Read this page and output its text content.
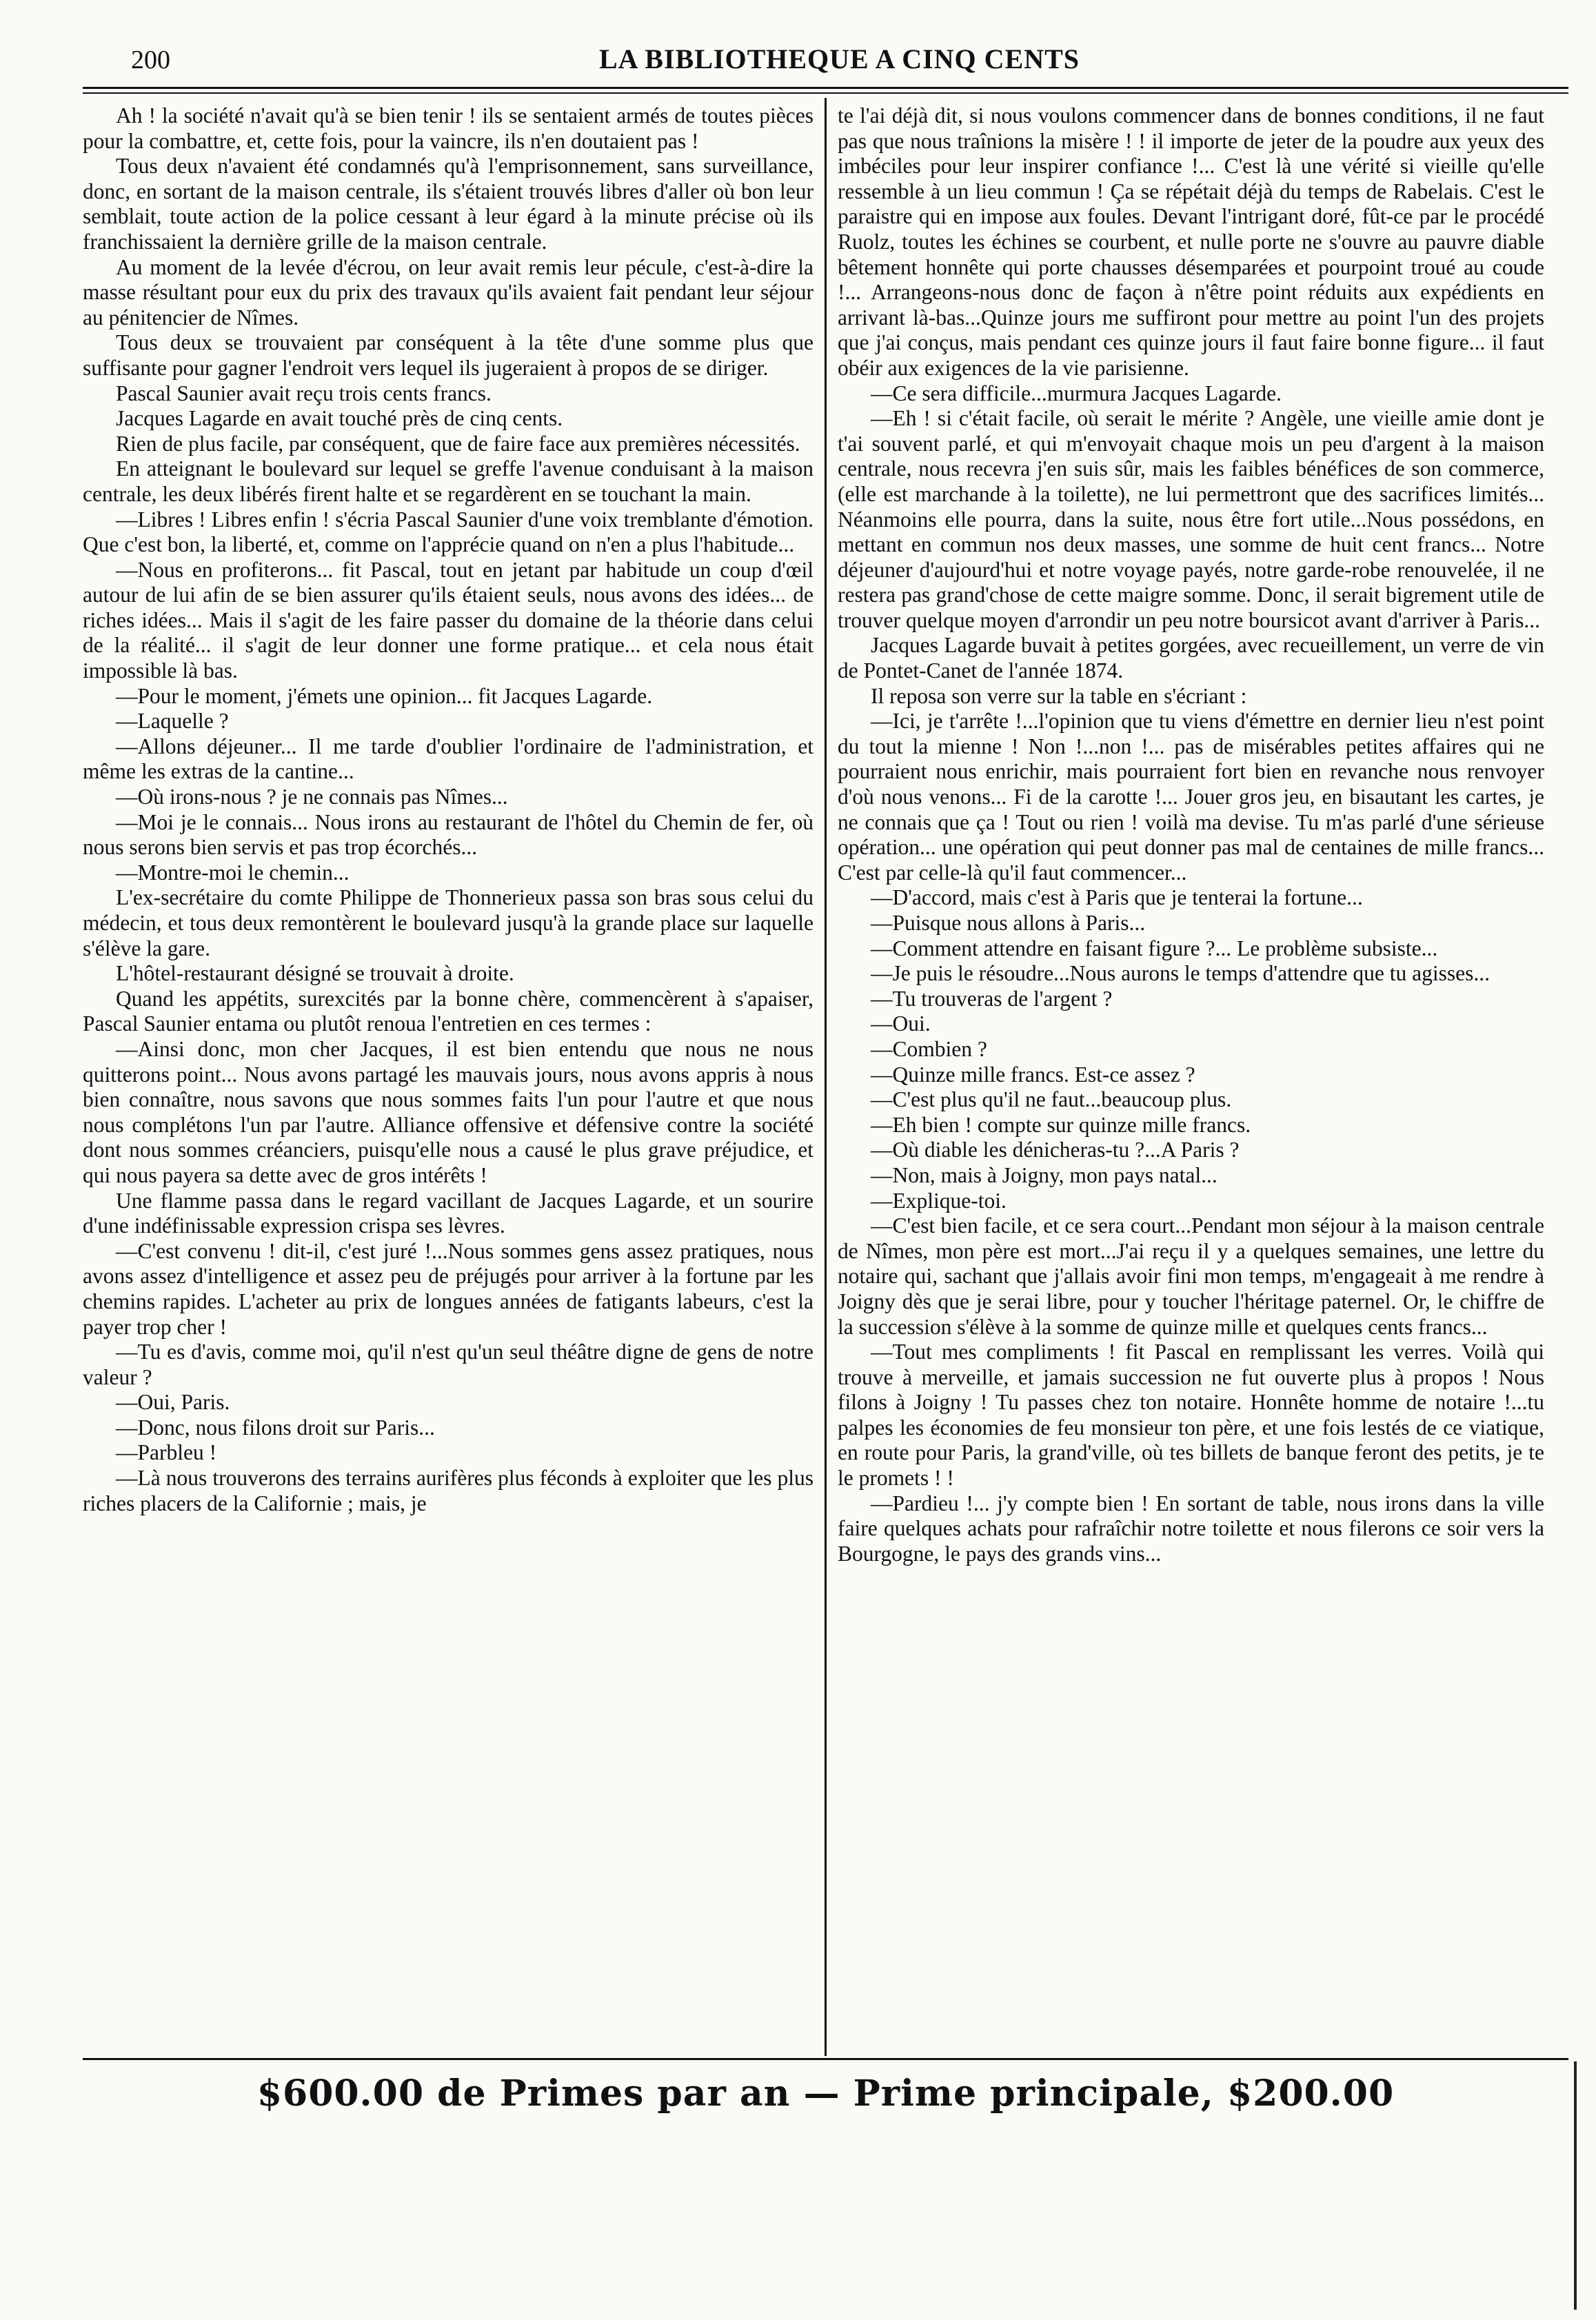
200	LA BIBLIOTHEQUE A CINQ CENTS

Ah ! la société n'avait qu'à se bien tenir ! ils se sentaient armés de toutes pièces pour la combattre, et, cette fois, pour la vaincre, ils n'en doutaient pas !

Tous deux n'avaient été condamnés qu'à l'emprisonnement, sans surveillance, donc, en sortant de la maison centrale, ils s'étaient trouvés libres d'aller où bon leur semblait, toute action de la police cessant à leur égard à la minute précise où ils franchissaient la dernière grille de la maison centrale.

Au moment de la levée d'écrou, on leur avait remis leur pécule, c'est-à-dire la masse résultant pour eux du prix des travaux qu'ils avaient fait pendant leur séjour au pénitencier de Nîmes.

Tous deux se trouvaient par conséquent à la tête d'une somme plus que suffisante pour gagner l'endroit vers lequel ils jugeraient à propos de se diriger.

Pascal Saunier avait reçu trois cents francs.

Jacques Lagarde en avait touché près de cinq cents.

Rien de plus facile, par conséquent, que de faire face aux premières nécessités.

En atteignant le boulevard sur lequel se greffe l'avenue conduisant à la maison centrale, les deux libérés firent halte et se regardèrent en se touchant la main.

—Libres ! Libres enfin ! s'écria Pascal Saunier d'une voix tremblante d'émotion. Que c'est bon, la liberté, et, comme on l'apprécie quand on n'en a plus l'habitude...

—Nous en profiterons... fit Pascal, tout en jetant par habitude un coup d'œil autour de lui afin de se bien assurer qu'ils étaient seuls, nous avons des idées... de riches idées... Mais il s'agit de les faire passer du domaine de la théorie dans celui de la réalité... il s'agit de leur donner une forme pratique... et cela nous était impossible là bas.

—Pour le moment, j'émets une opinion... fit Jacques Lagarde.

—Laquelle ?

—Allons déjeuner... Il me tarde d'oublier l'ordinaire de l'administration, et même les extras de la cantine...

—Où irons-nous ? je ne connais pas Nîmes...

—Moi je le connais... Nous irons au restaurant de l'hôtel du Chemin de fer, où nous serons bien servis et pas trop écorchés...

—Montre-moi le chemin...

L'ex-secrétaire du comte Philippe de Thonnerieux passa son bras sous celui du médecin, et tous deux remontèrent le boulevard jusqu'à la grande place sur laquelle s'élève la gare.

L'hôtel-restaurant désigné se trouvait à droite.

Quand les appétits, surexcités par la bonne chère, commencèrent à s'apaiser, Pascal Saunier entama ou plutôt renoua l'entretien en ces termes :

—Ainsi donc, mon cher Jacques, il est bien entendu que nous ne nous quitterons point... Nous avons partagé les mauvais jours, nous avons appris à nous bien connaître, nous savons que nous sommes faits l'un pour l'autre et que nous nous complétons l'un par l'autre. Alliance offensive et défensive contre la société dont nous sommes créanciers, puisqu'elle nous a causé le plus grave préjudice, et qui nous payera sa dette avec de gros intérêts !

Une flamme passa dans le regard vacillant de Jacques Lagarde, et un sourire d'une indéfinissable expression crispa ses lèvres.

—C'est convenu ! dit-il, c'est juré !...Nous sommes gens assez pratiques, nous avons assez d'intelligence et assez peu de préjugés pour arriver à la fortune par les chemins rapides. L'acheter au prix de longues années de fatigants labeurs, c'est la payer trop cher !

—Tu es d'avis, comme moi, qu'il n'est qu'un seul théâtre digne de gens de notre valeur ?

—Oui, Paris.

—Donc, nous filons droit sur Paris...

—Parbleu !

—Là nous trouverons des terrains aurifères plus féconds à exploiter que les plus riches placers de la Californie ; mais, je

te l'ai déjà dit, si nous voulons commencer dans de bonnes conditions, il ne faut pas que nous traînions la misère ! ! il importe de jeter de la poudre aux yeux des imbéciles pour leur inspirer confiance !... C'est là une vérité si vieille qu'elle ressemble à un lieu commun ! Ça se répétait déjà du temps de Rabelais. C'est le paraistre qui en impose aux foules. Devant l'intrigant doré, fût-ce par le procédé Ruolz, toutes les échines se courbent, et nulle porte ne s'ouvre au pauvre diable bêtement honnête qui porte chausses désemparées et pourpoint troué au coude !... Arrangeons-nous donc de façon à n'être point réduits aux expédients en arrivant là-bas...Quinze jours me suffiront pour mettre au point l'un des projets que j'ai conçus, mais pendant ces quinze jours il faut faire bonne figure... il faut obéir aux exigences de la vie parisienne.

—Ce sera difficile...murmura Jacques Lagarde.

—Eh ! si c'était facile, où serait le mérite ? Angèle, une vieille amie dont je t'ai souvent parlé, et qui m'envoyait chaque mois un peu d'argent à la maison centrale, nous recevra j'en suis sûr, mais les faibles bénéfices de son commerce, (elle est marchande à la toilette), ne lui permettront que des sacrifices limités... Néanmoins elle pourra, dans la suite, nous être fort utile...Nous possédons, en mettant en commun nos deux masses, une somme de huit cent francs... Notre déjeuner d'aujourd'hui et notre voyage payés, notre garde-robe renouvelée, il ne restera pas grand'chose de cette maigre somme. Donc, il serait bigrement utile de trouver quelque moyen d'arrondir un peu notre boursicot avant d'arriver à Paris...

Jacques Lagarde buvait à petites gorgées, avec recueillement, un verre de vin de Pontet-Canet de l'année 1874.

Il reposa son verre sur la table en s'écriant :

—Ici, je t'arrête !...l'opinion que tu viens d'émettre en dernier lieu n'est point du tout la mienne ! Non !...non !... pas de misérables petites affaires qui ne pourraient nous enrichir, mais pourraient fort bien en revanche nous renvoyer d'où nous venons... Fi de la carotte !... Jouer gros jeu, en bisautant les cartes, je ne connais que ça ! Tout ou rien ! voilà ma devise. Tu m'as parlé d'une sérieuse opération... une opération qui peut donner pas mal de centaines de mille francs... C'est par celle-là qu'il faut commencer...

—D'accord, mais c'est à Paris que je tenterai la fortune...

—Puisque nous allons à Paris...

—Comment attendre en faisant figure ?... Le problème subsiste...

—Je puis le résoudre...Nous aurons le temps d'attendre que tu agisses...

—Tu trouveras de l'argent ?

—Oui.

—Combien ?

—Quinze mille francs. Est-ce assez ?

—C'est plus qu'il ne faut...beaucoup plus.

—Eh bien ! compte sur quinze mille francs.

—Où diable les dénicheras-tu ?...A Paris ?

—Non, mais à Joigny, mon pays natal...

—Explique-toi.

—C'est bien facile, et ce sera court...Pendant mon séjour à la maison centrale de Nîmes, mon père est mort...J'ai reçu il y a quelques semaines, une lettre du notaire qui, sachant que j'allais avoir fini mon temps, m'engageait à me rendre à Joigny dès que je serai libre, pour y toucher l'héritage paternel. Or, le chiffre de la succession s'élève à la somme de quinze mille et quelques cents francs...

—Tout mes compliments ! fit Pascal en remplissant les verres. Voilà qui trouve à merveille, et jamais succession ne fut ouverte plus à propos ! Nous filons à Joigny ! Tu passes chez ton notaire. Honnête homme de notaire !...tu palpes les économies de feu monsieur ton père, et une fois lestés de ce viatique, en route pour Paris, la grand'ville, où tes billets de banque feront des petits, je te le promets ! !

—Pardieu !... j'y compte bien ! En sortant de table, nous irons dans la ville faire quelques achats pour rafraîchir notre toilette et nous filerons ce soir vers la Bourgogne, le pays des grands vins...

$600.00 de Primes par an — Prime principale, $200.00
